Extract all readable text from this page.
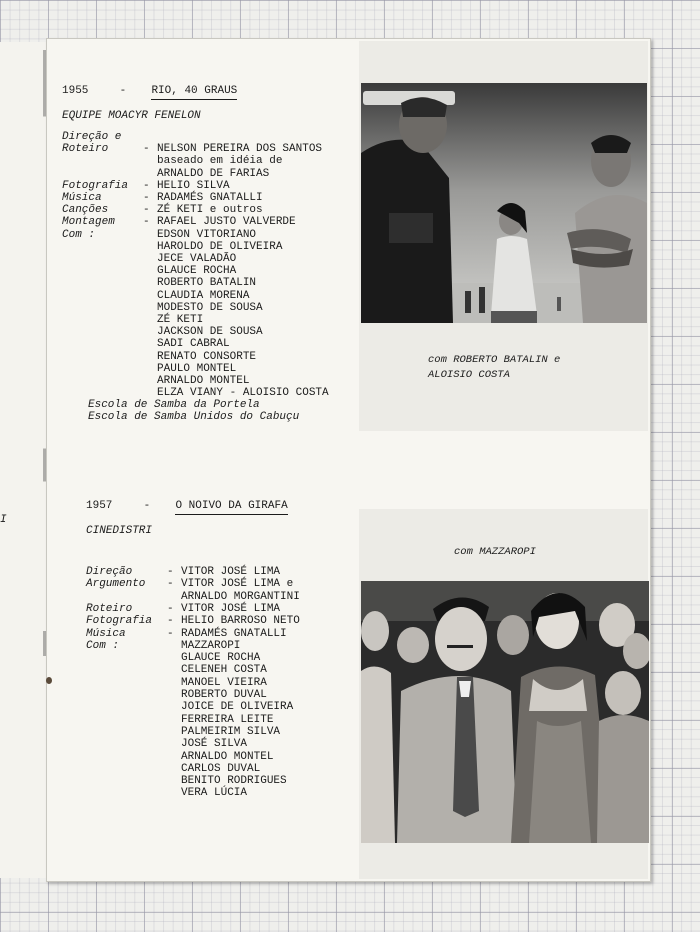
I
1955	- RIO, 40 GRAUS
EQUIPE MOACYR FENELON
Direção e
Roteiro	- NELSON PEREIRA DOS SANTOS
baseado em idéia de
ARNALDO DE FARIAS
Fotografia - HELIO SILVA
Música	- RADAMÉS GNATALLI
Canções	- ZÉ KETI e outros
Montagem	- RAFAEL JUSTO VALVERDE
Com :	EDSON VITORIANO
HAROLDO DE OLIVEIRA
JECE VALADÃO
GLAUCE ROCHA
ROBERTO BATALIN
CLAUDIA MORENA
MODESTO DE SOUSA
ZÉ KETI
JACKSON DE SOUSA
SADI CABRAL
RENATO CONSORTE
PAULO MONTEL
ARNALDO MONTEL
ELZA VIANY - ALOISIO COSTA
Escola de Samba da Portela
Escola de Samba Unidos do Cabuçu
com ROBERTO BATALIN e
ALOISIO COSTA
1957	- O NOIVO DA GIRAFA
CINEDISTRI
Direção	- VITOR JOSÉ LIMA
Argumento - VITOR JOSÉ LIMA e
ARNALDO MORGANTINI
Roteiro	- VITOR JOSÉ LIMA
Fotografia - HELIO BARROSO NETO
Música	- RADAMÉS GNATALLI
Com :	MAZZAROPI
GLAUCE ROCHA
CELENEH COSTA
MANOEL VIEIRA
ROBERTO DUVAL
JOICE DE OLIVEIRA
FERREIRA LEITE
PALMEIRIM SILVA
JOSÉ SILVA
ARNALDO MONTEL
CARLOS DUVAL
BENITO RODRIGUES
VERA LÚCIA
com MAZZAROPI
